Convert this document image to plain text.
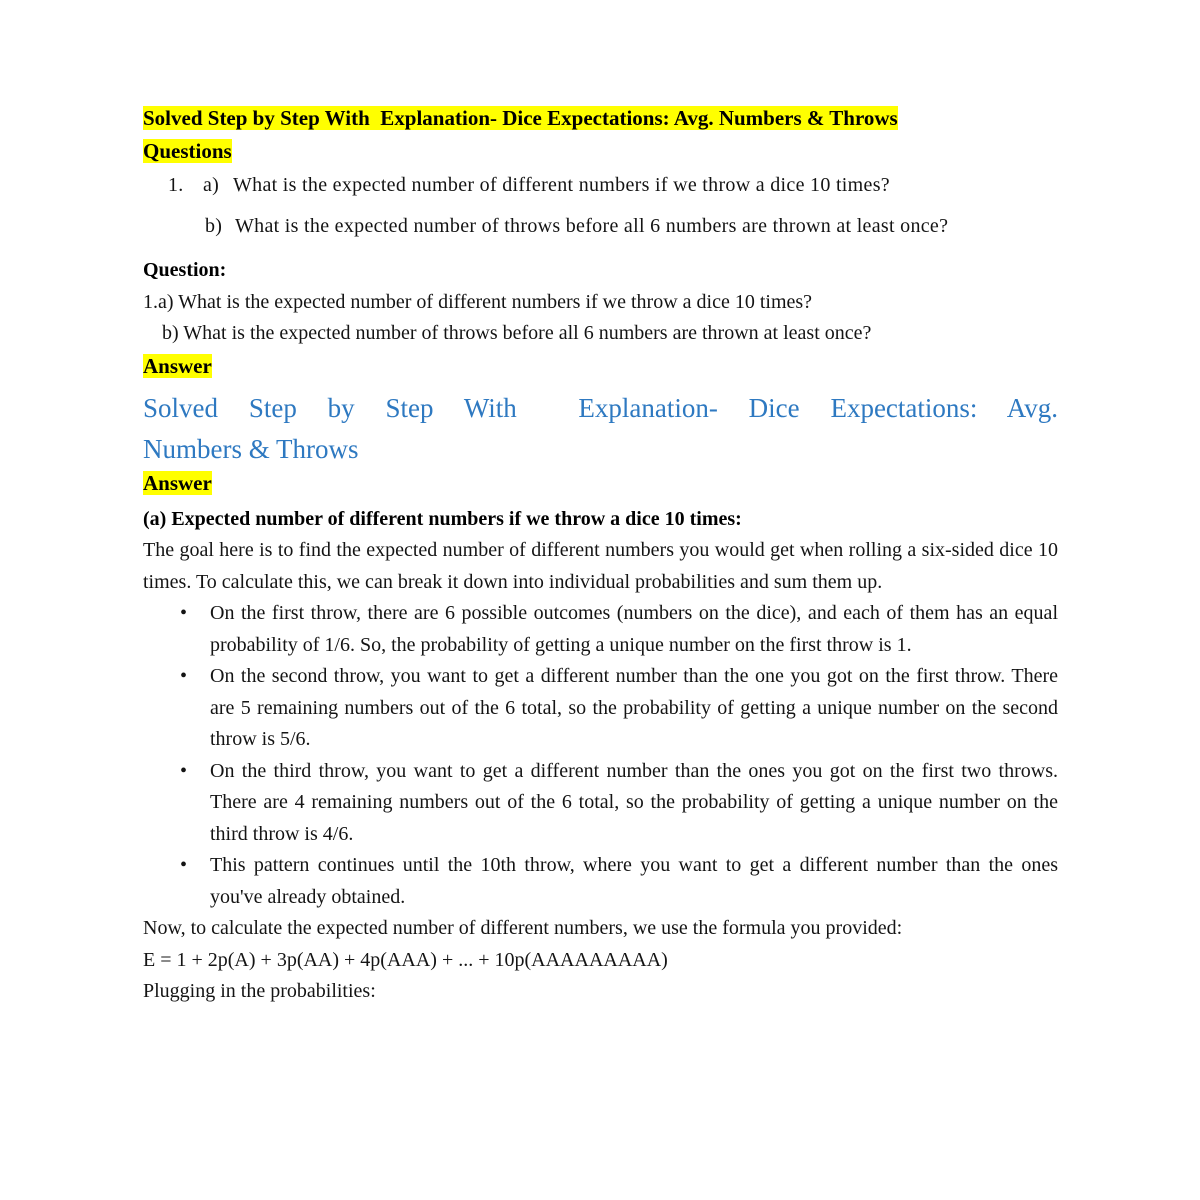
Solved Step by Step With  Explanation- Dice Expectations: Avg. Numbers & Throws
Questions
1. a) What is the expected number of different numbers if we throw a dice 10 times?
b) What is the expected number of throws before all 6 numbers are thrown at least once?

Question:

1.a) What is the expected number of different numbers if we throw a dice 10 times?

b) What is the expected number of throws before all 6 numbers are thrown at least once?

Answer

Solved Step by Step With  Explanation- Dice Expectations: Avg.
Numbers & Throws

Answer

(a) Expected number of different numbers if we throw a dice 10 times:

The goal here is to find the expected number of different numbers you would get when rolling a six-sided dice 10 times. To calculate this, we can break it down into individual probabilities and sum them up.

• On the first throw, there are 6 possible outcomes (numbers on the dice), and each of them has an equal probability of 1/6. So, the probability of getting a unique number on the first throw is 1.
• On the second throw, you want to get a different number than the one you got on the first throw. There are 5 remaining numbers out of the 6 total, so the probability of getting a unique number on the second throw is 5/6.
• On the third throw, you want to get a different number than the ones you got on the first two throws. There are 4 remaining numbers out of the 6 total, so the probability of getting a unique number on the third throw is 4/6.
• This pattern continues until the 10th throw, where you want to get a different number than the ones you've already obtained.

Now, to calculate the expected number of different numbers, we use the formula you provided:

E = 1 + 2p(A) + 3p(AA) + 4p(AAA) + ... + 10p(AAAAAAAAA)

Plugging in the probabilities:
